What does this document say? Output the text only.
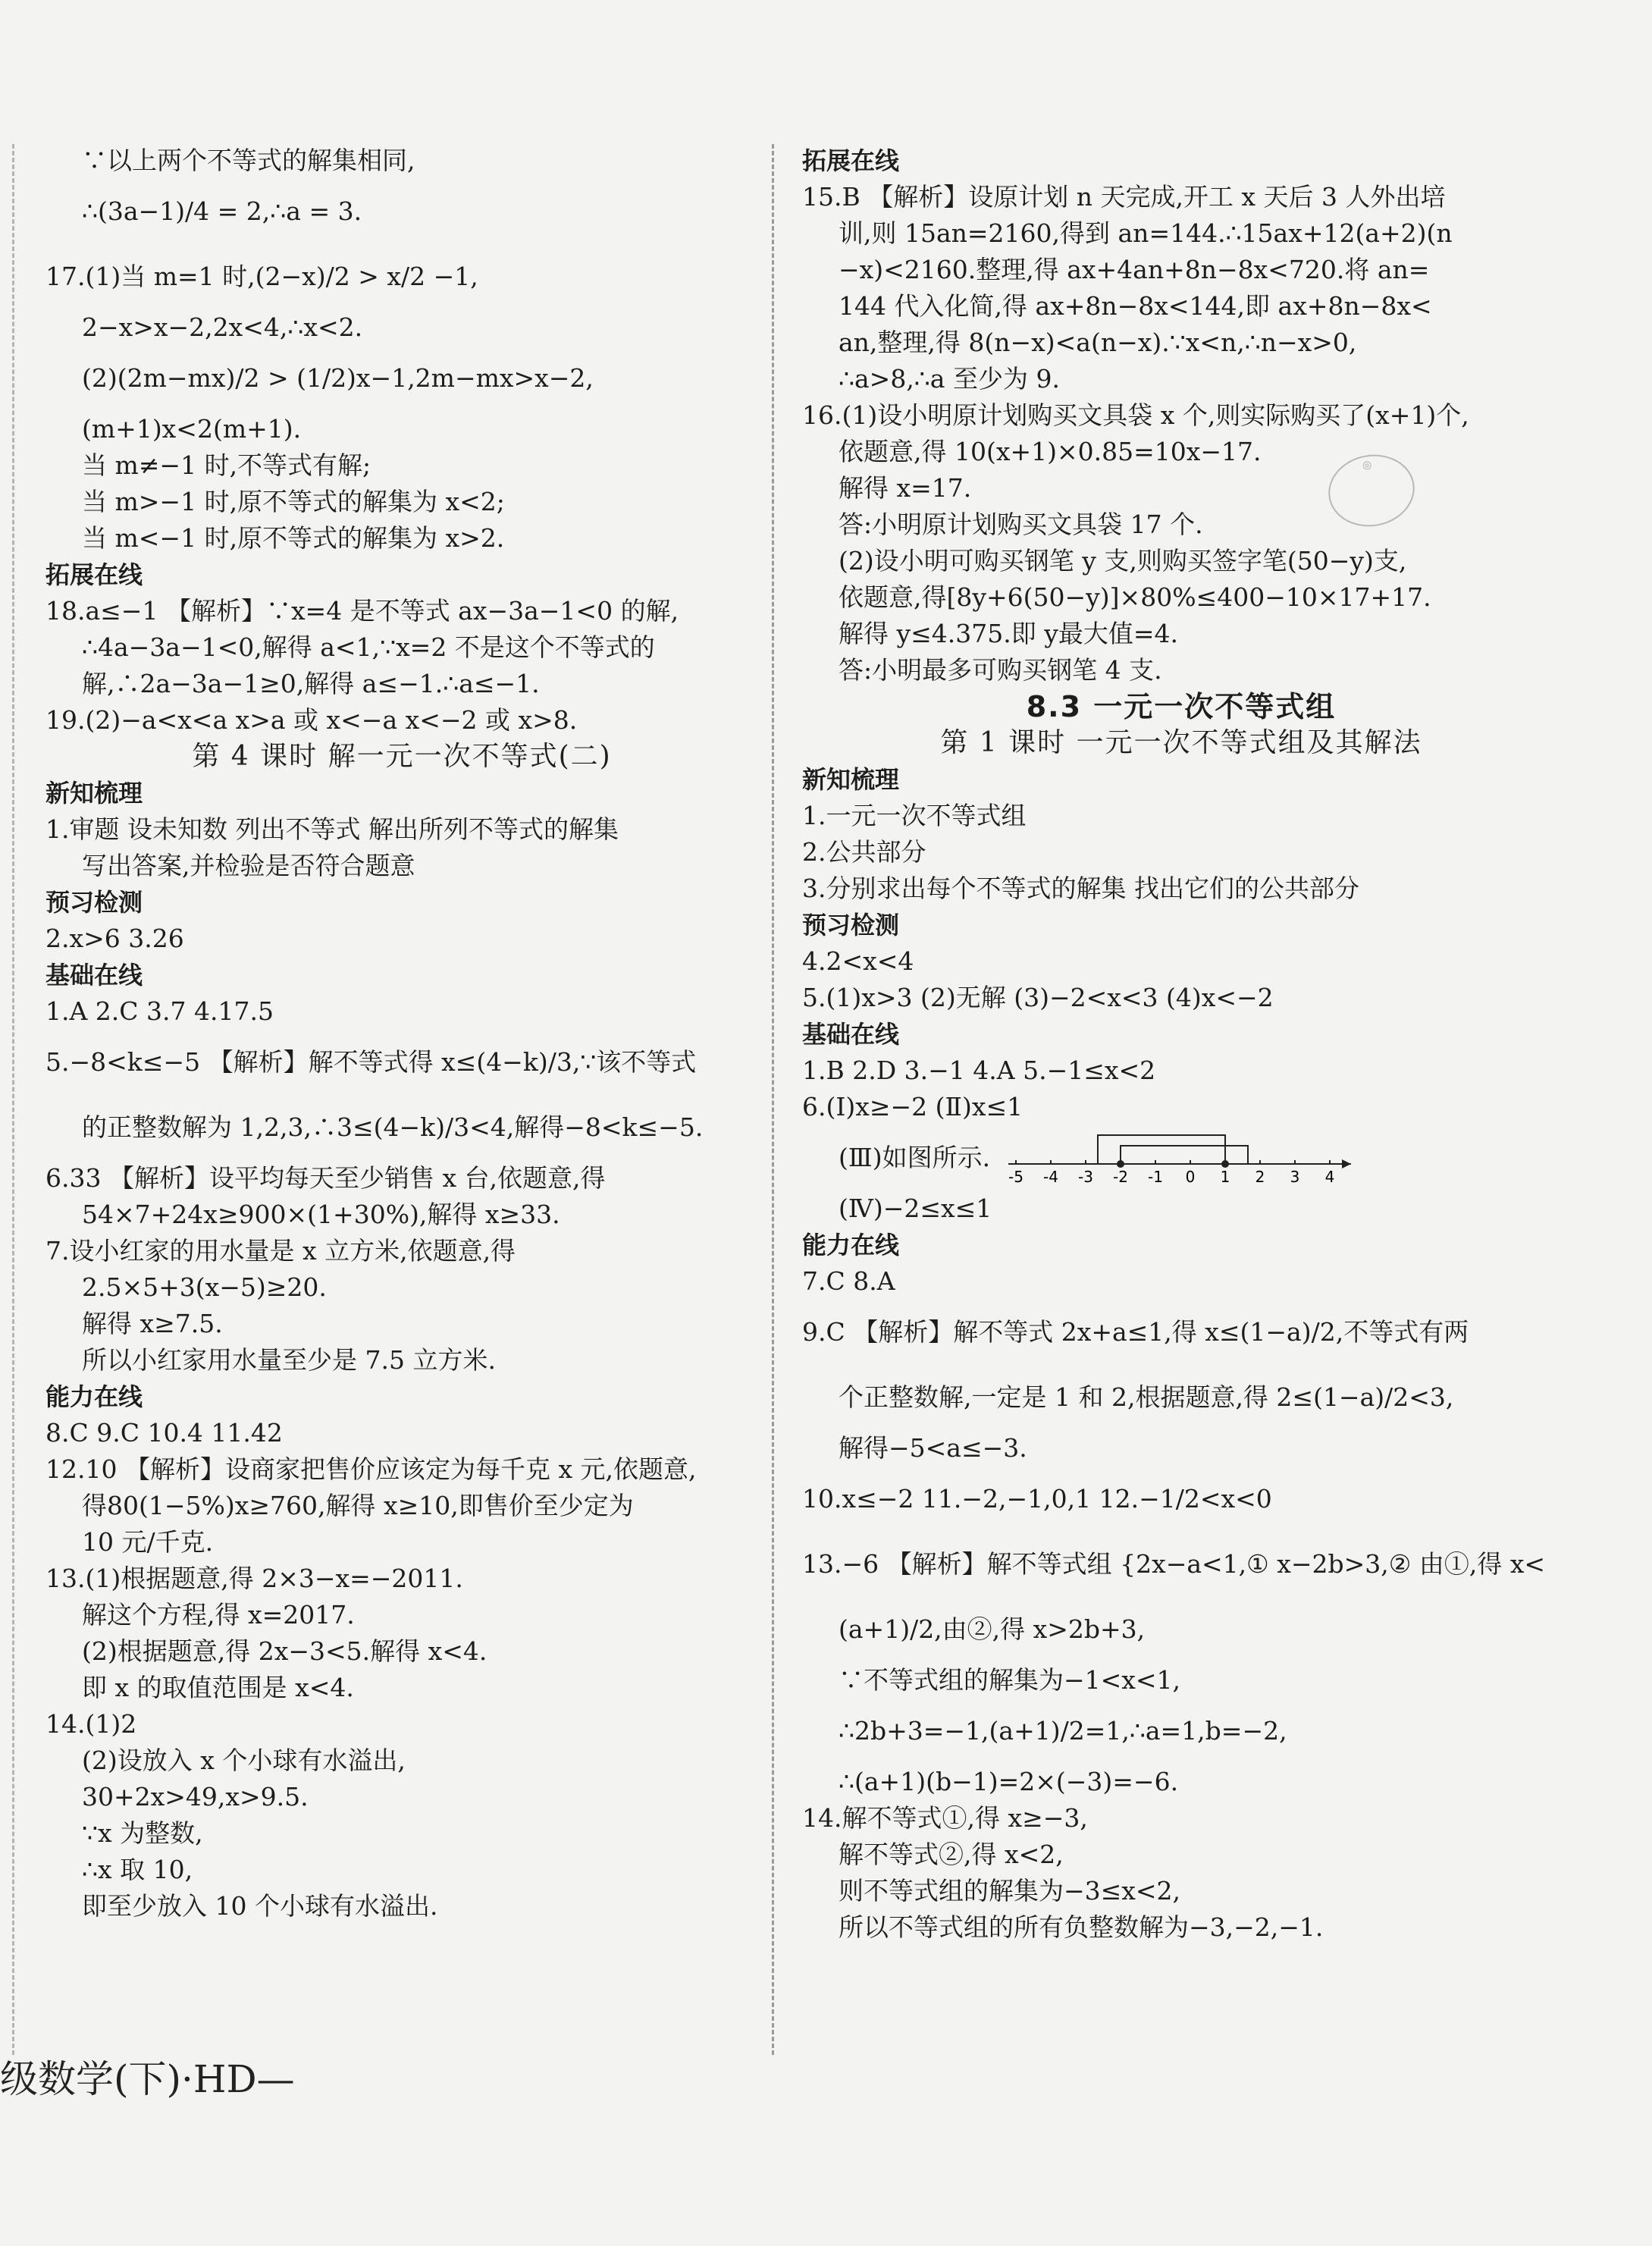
∵以上两个不等式的解集相同,
∴(3a−1)/4 = 2,∴a = 3.
17.(1)当 m=1 时,(2−x)/2 > x/2 −1,
2−x>x−2,2x<4,∴x<2.
(2)(2m−mx)/2 > (1/2)x−1,2m−mx>x−2,
(m+1)x<2(m+1).
当 m≠−1 时,不等式有解;
当 m>−1 时,原不等式的解集为 x<2;
当 m<−1 时,原不等式的解集为 x>2.
拓展在线
18.a≤−1 【解析】∵x=4 是不等式 ax−3a−1<0 的解,
∴4a−3a−1<0,解得 a<1,∵x=2 不是这个不等式的
解,∴2a−3a−1≥0,解得 a≤−1.∴a≤−1.
19.(2)−a<x<a x>a 或 x<−a x<−2 或 x>8.
第 4 课时 解一元一次不等式(二)
新知梳理
1.审题 设未知数 列出不等式 解出所列不等式的解集
写出答案,并检验是否符合题意
预习检测
2.x>6 3.26
基础在线
1.A 2.C 3.7 4.17.5
5.−8<k≤−5 【解析】解不等式得 x≤(4−k)/3,∵该不等式
的正整数解为 1,2,3,∴3≤(4−k)/3<4,解得−8<k≤−5.
6.33 【解析】设平均每天至少销售 x 台,依题意,得
54×7+24x≥900×(1+30%),解得 x≥33.
7.设小红家的用水量是 x 立方米,依题意,得
2.5×5+3(x−5)≥20.
解得 x≥7.5.
所以小红家用水量至少是 7.5 立方米.
能力在线
8.C 9.C 10.4 11.42
12.10 【解析】设商家把售价应该定为每千克 x 元,依题意,
得80(1−5%)x≥760,解得 x≥10,即售价至少定为
10 元/千克.
13.(1)根据题意,得 2×3−x=−2011.
解这个方程,得 x=2017.
(2)根据题意,得 2x−3<5.解得 x<4.
即 x 的取值范围是 x<4.
14.(1)2
(2)设放入 x 个小球有水溢出,
30+2x>49,x>9.5.
∵x 为整数,
∴x 取 10,
即至少放入 10 个小球有水溢出.
拓展在线
15.B 【解析】设原计划 n 天完成,开工 x 天后 3 人外出培
训,则 15an=2160,得到 an=144.∴15ax+12(a+2)(n
−x)<2160.整理,得 ax+4an+8n−8x<720.将 an=
144 代入化简,得 ax+8n−8x<144,即 ax+8n−8x<
an,整理,得 8(n−x)<a(n−x).∵x<n,∴n−x>0,
∴a>8,∴a 至少为 9.
16.(1)设小明原计划购买文具袋 x 个,则实际购买了(x+1)个,
依题意,得 10(x+1)×0.85=10x−17.
解得 x=17.
答:小明原计划购买文具袋 17 个.
(2)设小明可购买钢笔 y 支,则购买签字笔(50−y)支,
依题意,得[8y+6(50−y)]×80%≤400−10×17+17.
解得 y≤4.375.即 y最大值=4.
答:小明最多可购买钢笔 4 支.
8.3 一元一次不等式组
第 1 课时 一元一次不等式组及其解法
新知梳理
1.一元一次不等式组
2.公共部分
3.分别求出每个不等式的解集 找出它们的公共部分
预习检测
4.2<x<4
5.(1)x>3 (2)无解 (3)−2<x<3 (4)x<−2
基础在线
1.B 2.D 3.−1 4.A 5.−1≤x<2
6.(Ⅰ)x≥−2 (Ⅱ)x≤1
(Ⅲ)如图所示.
-5 -4 -3 -2 -1 0 1 2 3 4
(Ⅳ)−2≤x≤1
能力在线
7.C 8.A
9.C 【解析】解不等式 2x+a≤1,得 x≤(1−a)/2,不等式有两
个正整数解,一定是 1 和 2,根据题意,得 2≤(1−a)/2<3,
解得−5<a≤−3.
10.x≤−2 11.−2,−1,0,1 12.−1/2<x<0
13.−6 【解析】解不等式组 {2x−a<1,① x−2b>3,② 由①,得 x<
(a+1)/2,由②,得 x>2b+3,
∵不等式组的解集为−1<x<1,
∴2b+3=−1,(a+1)/2=1,∴a=1,b=−2,
∴(a+1)(b−1)=2×(−3)=−6.
14.解不等式①,得 x≥−3,
解不等式②,得 x<2,
则不等式组的解集为−3≤x<2,
所以不等式组的所有负整数解为−3,−2,−1.
◎
级数学(下)·HD—
